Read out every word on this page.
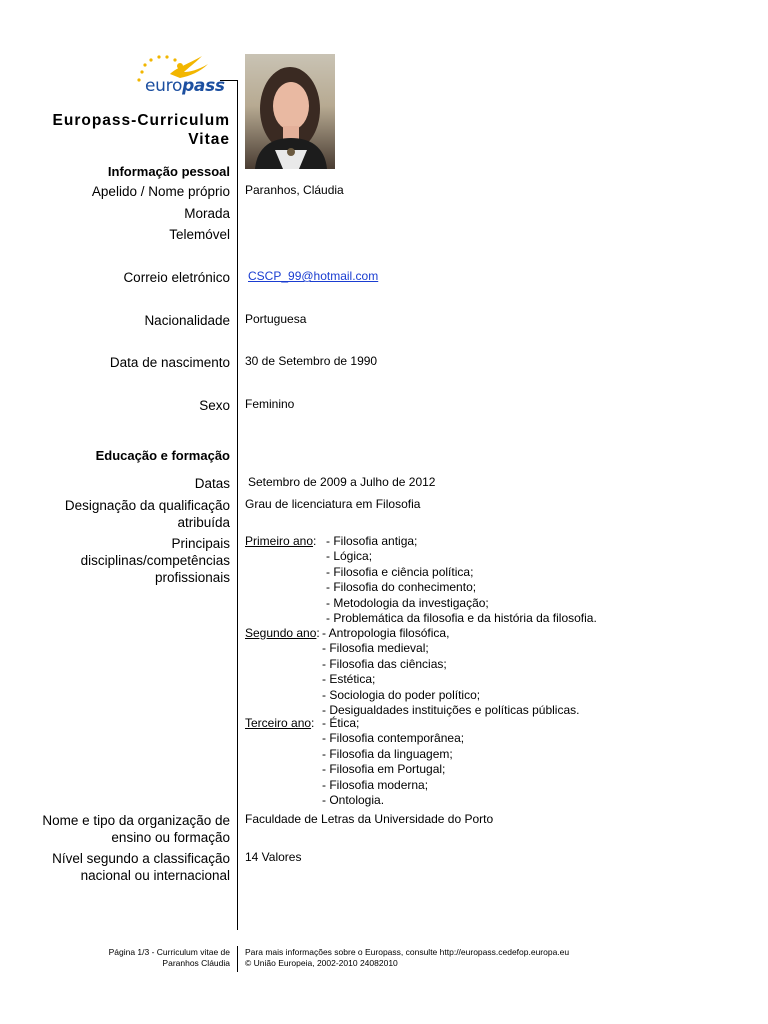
europass
Europass-Curriculum
Vitae
Informação pessoal
Apelido / Nome próprio Paranhos, Cláudia
Morada
Telemóvel
Correio eletrónico CSCP_99@hotmail.com
Nacionalidade Portuguesa
Data de nascimento 30 de Setembro de 1990
Sexo Feminino
Educação e formação
Datas Setembro de 2009 a Julho de 2012
Designação da qualificação
atribuída
Grau de licenciatura em Filosofia
Principais
disciplinas/competências
profissionais
Primeiro ano: - Filosofia antiga;
- Lógica;
- Filosofia e ciência política;
- Filosofia do conhecimento;
- Metodologia da investigação;
- Problemática da filosofia e da história da filosofia.
Segundo ano: - Antropologia filosófica,
- Filosofia medieval;
- Filosofia das ciências;
- Estética;
- Sociologia do poder político;
- Desigualdades instituições e políticas públicas.
Terceiro ano: - Ética;
- Filosofia contemporânea;
- Filosofia da linguagem;
- Filosofia em Portugal;
- Filosofia moderna;
- Ontologia.
Nome e tipo da organização de
ensino ou formação
Faculdade de Letras da Universidade do Porto
Nível segundo a classificação
nacional ou internacional
14 Valores
Página 1/3 - Curriculum vitae de
Paranhos Cláudia
Para mais informações sobre o Europass, consulte http://europass.cedefop.europa.eu
© União Europeia, 2002-2010 24082010
